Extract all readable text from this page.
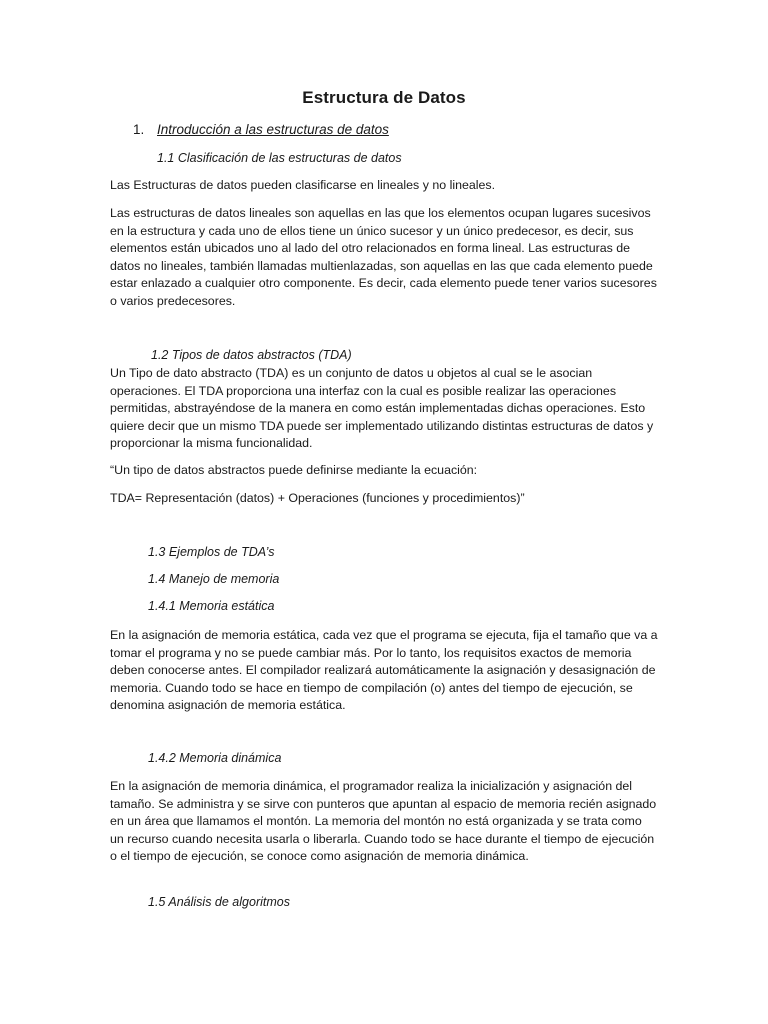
Estructura de Datos

1. Introducción a las estructuras de datos

1.1 Clasificación de las estructuras de datos

Las Estructuras de datos pueden clasificarse en lineales y no lineales.

Las estructuras de datos lineales son aquellas en las que los elementos ocupan lugares sucesivos en la estructura y cada uno de ellos tiene un único sucesor y un único predecesor, es decir, sus elementos están ubicados uno al lado del otro relacionados en forma lineal. Las estructuras de datos no lineales, también llamadas multienlazadas, son aquellas en las que cada elemento puede estar enlazado a cualquier otro componente. Es decir, cada elemento puede tener varios sucesores o varios predecesores.

1.2 Tipos de datos abstractos (TDA)

Un Tipo de dato abstracto (TDA) es un conjunto de datos u objetos al cual se le asocian operaciones. El TDA proporciona una interfaz con la cual es posible realizar las operaciones permitidas, abstrayéndose de la manera en como están implementadas dichas operaciones. Esto quiere decir que un mismo TDA puede ser implementado utilizando distintas estructuras de datos y proporcionar la misma funcionalidad.

“Un tipo de datos abstractos puede definirse mediante la ecuación:

TDA= Representación (datos) + Operaciones (funciones y procedimientos)”

1.3 Ejemplos de TDA’s

1.4 Manejo de memoria

1.4.1 Memoria estática

En la asignación de memoria estática, cada vez que el programa se ejecuta, fija el tamaño que va a tomar el programa y no se puede cambiar más. Por lo tanto, los requisitos exactos de memoria deben conocerse antes. El compilador realizará automáticamente la asignación y desasignación de memoria. Cuando todo se hace en tiempo de compilación (o) antes del tiempo de ejecución, se denomina asignación de memoria estática.

1.4.2 Memoria dinámica

En la asignación de memoria dinámica, el programador realiza la inicialización y asignación del tamaño. Se administra y se sirve con punteros que apuntan al espacio de memoria recién asignado en un área que llamamos el montón. La memoria del montón no está organizada y se trata como un recurso cuando necesita usarla o liberarla. Cuando todo se hace durante el tiempo de ejecución o el tiempo de ejecución, se conoce como asignación de memoria dinámica.

1.5 Análisis de algoritmos
